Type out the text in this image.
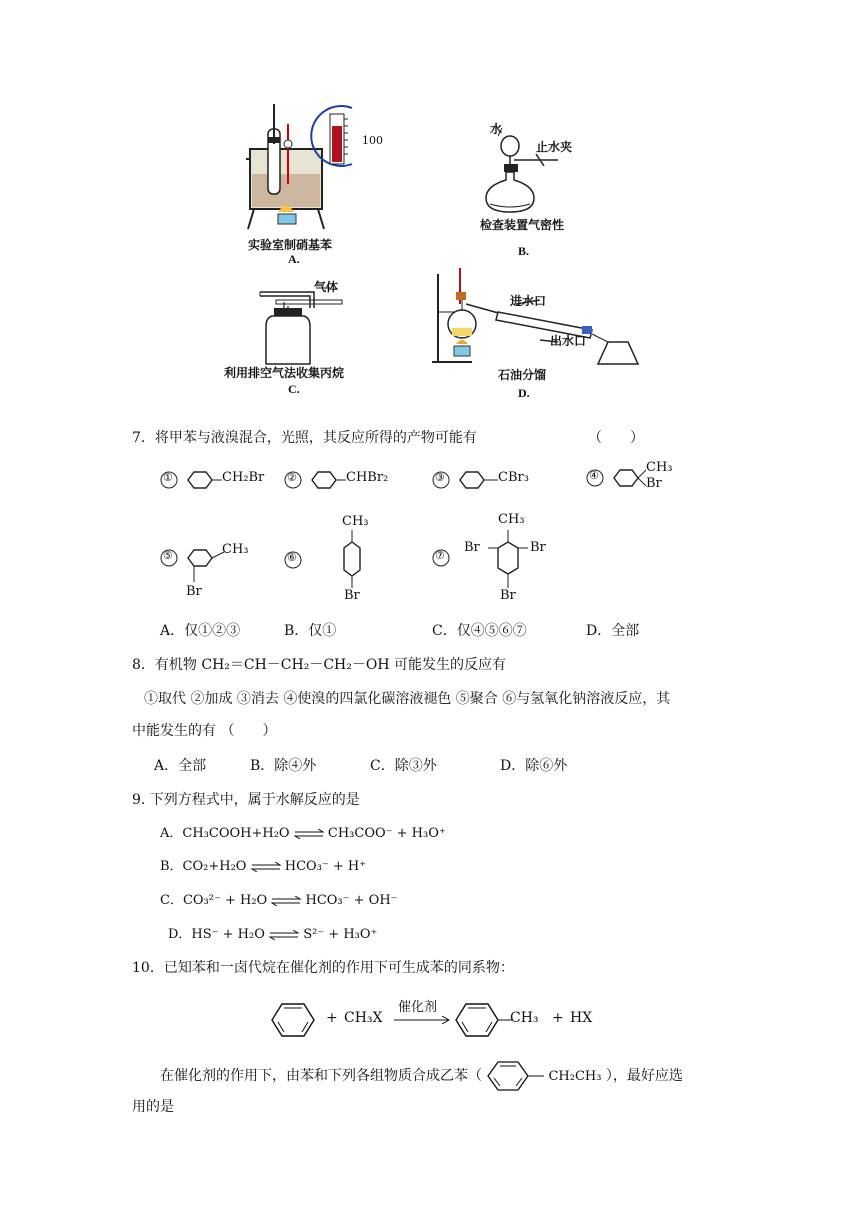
100
实验室制硝基苯
A.
水
止水夹
检查装置气密性
B.
气体
利用排空气法收集丙烷
C.
进水口
出水口
石油分馏
D.
7．将甲苯与液溴混合，光照，其反应所得的产物可能有	（　　）
①	CH₂Br ②	CHBr₂	③	CBr₃	④
CH₃
Br
⑤	CH₃
Br
⑥
CH₃
Br
⑦
CH₃
Br	Br
Br
A．仅①②③	B．仅①	C．仅④⑤⑥⑦	D．全部
8．有机物 CH₂＝CH－CH₂－CH₂－OH 可能发生的反应有
①取代 ②加成 ③消去 ④使溴的四氯化碳溶液褪色 ⑤聚合 ⑥与氢氧化钠溶液反应，其
中能发生的有 （　　）
A．全部	B．除④外	C．除③外	D．除⑥外
9. 下列方程式中，属于水解反应的是
A．CH₃COOH+H₂O ⇌ CH₃COO⁻ + H₃O⁺
B．CO₂+H₂O ⇌ HCO₃⁻ + H⁺
C．CO₃²⁻ + H₂O ⇌ HCO₃⁻ + OH⁻
D．HS⁻ + H₂O ⇌ S²⁻ + H₃O⁺
10．已知苯和一卤代烷在催化剂的作用下可生成苯的同系物：
+ CH₃X
催化剂
CH₃ + HX
在催化剂的作用下，由苯和下列各组物质合成乙苯（	CH₂CH₃ ），最好应选
用的是
